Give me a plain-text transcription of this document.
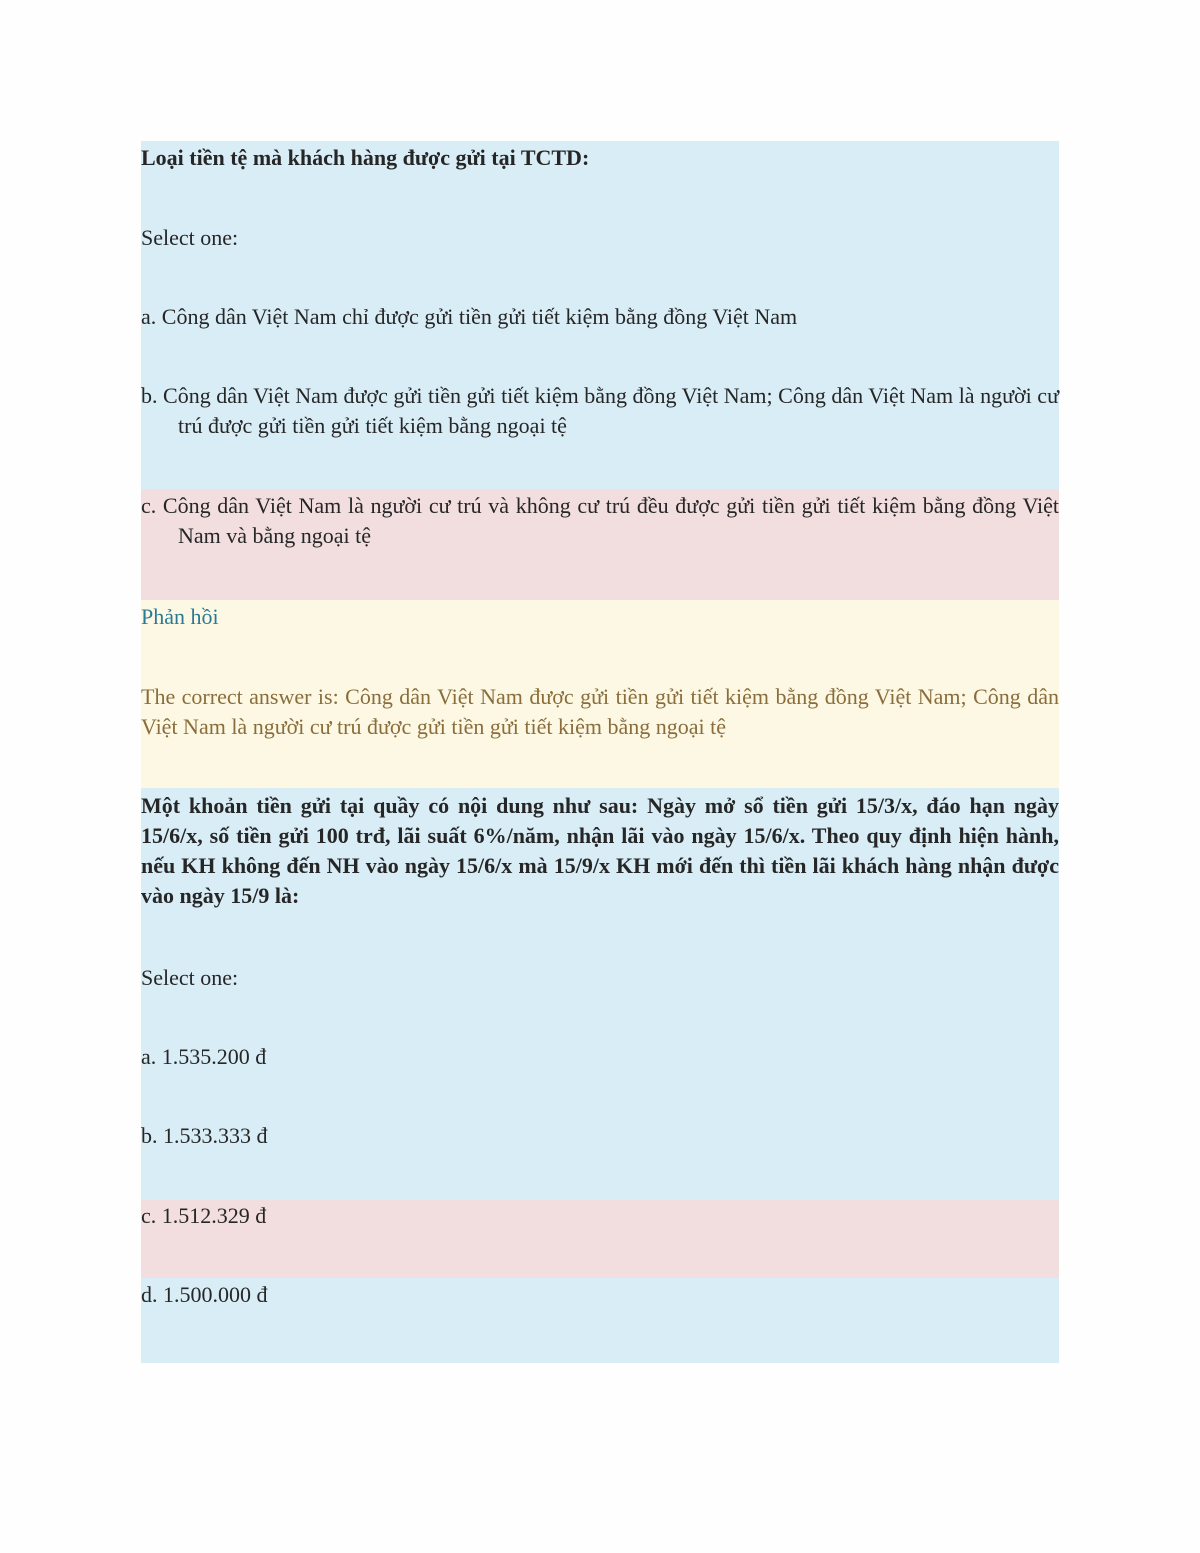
Loại tiền tệ mà khách hàng được gửi tại TCTD:
Select one:
a. Công dân Việt Nam chỉ được gửi tiền gửi tiết kiệm bằng đồng Việt Nam
b. Công dân Việt Nam được gửi tiền gửi tiết kiệm bằng đồng Việt Nam; Công dân Việt Nam là người cư trú được gửi tiền gửi tiết kiệm bằng ngoại tệ
c. Công dân Việt Nam là người cư trú và không cư trú đều được gửi tiền gửi tiết kiệm bằng đồng Việt Nam và bằng ngoại tệ
Phản hồi
The correct answer is: Công dân Việt Nam được gửi tiền gửi tiết kiệm bằng đồng Việt Nam; Công dân Việt Nam là người cư trú được gửi tiền gửi tiết kiệm bằng ngoại tệ
Một khoản tiền gửi tại quầy có nội dung như sau: Ngày mở sổ tiền gửi 15/3/x, đáo hạn ngày 15/6/x, số tiền gửi 100 trđ, lãi suất 6%/năm, nhận lãi vào ngày 15/6/x. Theo quy định hiện hành, nếu KH không đến NH vào ngày 15/6/x mà 15/9/x KH mới đến thì tiền lãi khách hàng nhận được vào ngày 15/9 là:
Select one:
a. 1.535.200 đ
b. 1.533.333 đ
c. 1.512.329 đ
d. 1.500.000 đ
